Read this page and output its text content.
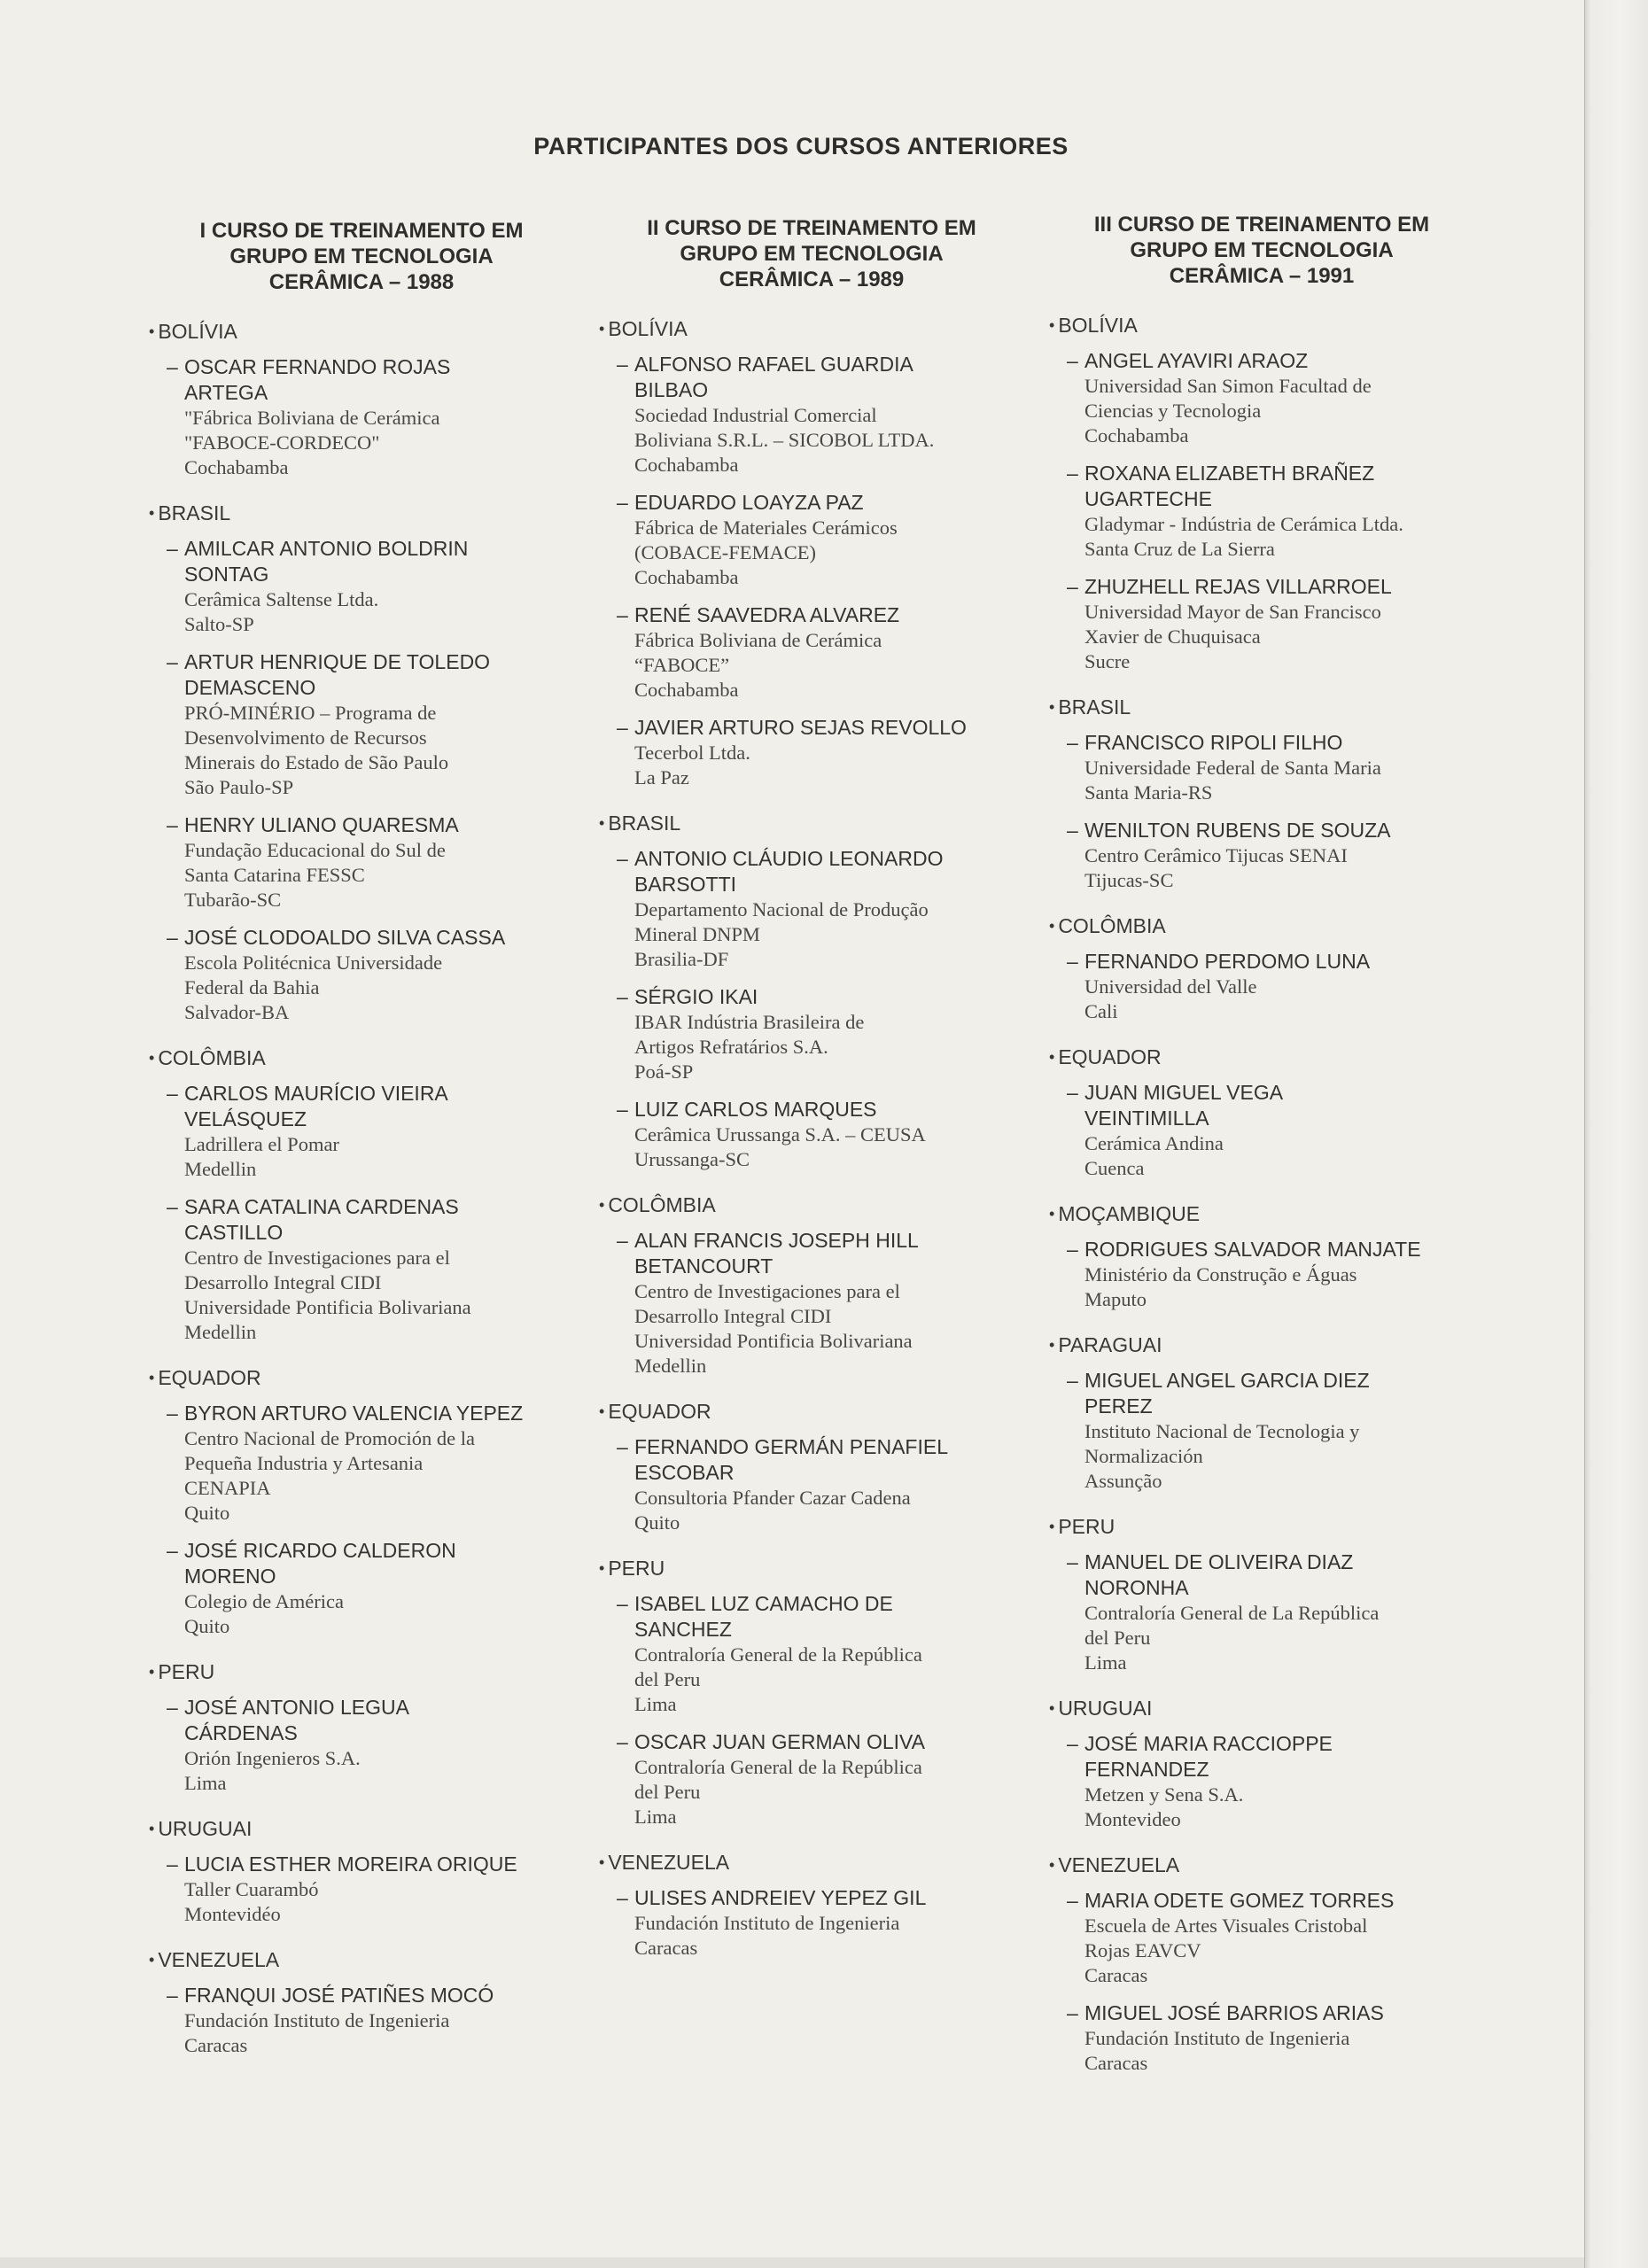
PARTICIPANTES DOS CURSOS ANTERIORES
I CURSO DE TREINAMENTO EM
GRUPO EM TECNOLOGIA
CERÂMICA – 1988
• BOLÍVIA
– OSCAR FERNANDO ROJAS
ARTEGA
"Fábrica Boliviana de Cerámica
"FABOCE-CORDECO"
Cochabamba
• BRASIL
– AMILCAR ANTONIO BOLDRIN
SONTAG
Cerâmica Saltense Ltda.
Salto-SP
– ARTUR HENRIQUE DE TOLEDO
DEMASCENO
PRÓ-MINÉRIO – Programa de
Desenvolvimento de Recursos
Minerais do Estado de São Paulo
São Paulo-SP
– HENRY ULIANO QUARESMA
Fundação Educacional do Sul de
Santa Catarina FESSC
Tubarão-SC
– JOSÉ CLODOALDO SILVA CASSA
Escola Politécnica Universidade
Federal da Bahia
Salvador-BA
• COLÔMBIA
– CARLOS MAURÍCIO VIEIRA
VELÁSQUEZ
Ladrillera el Pomar
Medellin
– SARA CATALINA CARDENAS
CASTILLO
Centro de Investigaciones para el
Desarrollo Integral CIDI
Universidade Pontificia Bolivariana
Medellin
• EQUADOR
– BYRON ARTURO VALENCIA YEPEZ
Centro Nacional de Promoción de la
Pequeña Industria y Artesania
CENAPIA
Quito
– JOSÉ RICARDO CALDERON
MORENO
Colegio de América
Quito
• PERU
– JOSÉ ANTONIO LEGUA
CÁRDENAS
Orión Ingenieros S.A.
Lima
• URUGUAI
– LUCIA ESTHER MOREIRA ORIQUE
Taller Cuarambó
Montevidéo
• VENEZUELA
– FRANQUI JOSÉ PATIÑES MOCÓ
Fundación Instituto de Ingenieria
Caracas
II CURSO DE TREINAMENTO EM
GRUPO EM TECNOLOGIA
CERÂMICA – 1989
• BOLÍVIA
– ALFONSO RAFAEL GUARDIA
BILBAO
Sociedad Industrial Comercial
Boliviana S.R.L. – SICOBOL LTDA.
Cochabamba
– EDUARDO LOAYZA PAZ
Fábrica de Materiales Cerámicos
(COBACE-FEMACE)
Cochabamba
– RENÉ SAAVEDRA ALVAREZ
Fábrica Boliviana de Cerámica
“FABOCE”
Cochabamba
– JAVIER ARTURO SEJAS REVOLLO
Tecerbol Ltda.
La Paz
• BRASIL
– ANTONIO CLÁUDIO LEONARDO
BARSOTTI
Departamento Nacional de Produção
Mineral DNPM
Brasilia-DF
– SÉRGIO IKAI
IBAR Indústria Brasileira de
Artigos Refratários S.A.
Poá-SP
– LUIZ CARLOS MARQUES
Cerâmica Urussanga S.A. – CEUSA
Urussanga-SC
• COLÔMBIA
– ALAN FRANCIS JOSEPH HILL
BETANCOURT
Centro de Investigaciones para el
Desarrollo Integral CIDI
Universidad Pontificia Bolivariana
Medellin
• EQUADOR
– FERNANDO GERMÁN PENAFIEL
ESCOBAR
Consultoria Pfander Cazar Cadena
Quito
• PERU
– ISABEL LUZ CAMACHO DE
SANCHEZ
Contraloría General de la República
del Peru
Lima
– OSCAR JUAN GERMAN OLIVA
Contraloría General de la República
del Peru
Lima
• VENEZUELA
– ULISES ANDREIEV YEPEZ GIL
Fundación Instituto de Ingenieria
Caracas
III CURSO DE TREINAMENTO EM
GRUPO EM TECNOLOGIA
CERÂMICA – 1991
• BOLÍVIA
– ANGEL AYAVIRI ARAOZ
Universidad San Simon Facultad de
Ciencias y Tecnologia
Cochabamba
– ROXANA ELIZABETH BRAÑEZ
UGARTECHE
Gladymar - Indústria de Cerámica Ltda.
Santa Cruz de La Sierra
– ZHUZHELL REJAS VILLARROEL
Universidad Mayor de San Francisco
Xavier de Chuquisaca
Sucre
• BRASIL
– FRANCISCO RIPOLI FILHO
Universidade Federal de Santa Maria
Santa Maria-RS
– WENILTON RUBENS DE SOUZA
Centro Cerâmico Tijucas SENAI
Tijucas-SC
• COLÔMBIA
– FERNANDO PERDOMO LUNA
Universidad del Valle
Cali
• EQUADOR
– JUAN MIGUEL VEGA
VEINTIMILLA
Cerámica Andina
Cuenca
• MOÇAMBIQUE
– RODRIGUES SALVADOR MANJATE
Ministério da Construção e Águas
Maputo
• PARAGUAI
– MIGUEL ANGEL GARCIA DIEZ
PEREZ
Instituto Nacional de Tecnologia y
Normalización
Assunção
• PERU
– MANUEL DE OLIVEIRA DIAZ
NORONHA
Contraloría General de La República
del Peru
Lima
• URUGUAI
– JOSÉ MARIA RACCIOPPE
FERNANDEZ
Metzen y Sena S.A.
Montevideo
• VENEZUELA
– MARIA ODETE GOMEZ TORRES
Escuela de Artes Visuales Cristobal
Rojas EAVCV
Caracas
– MIGUEL JOSÉ BARRIOS ARIAS
Fundación Instituto de Ingenieria
Caracas
